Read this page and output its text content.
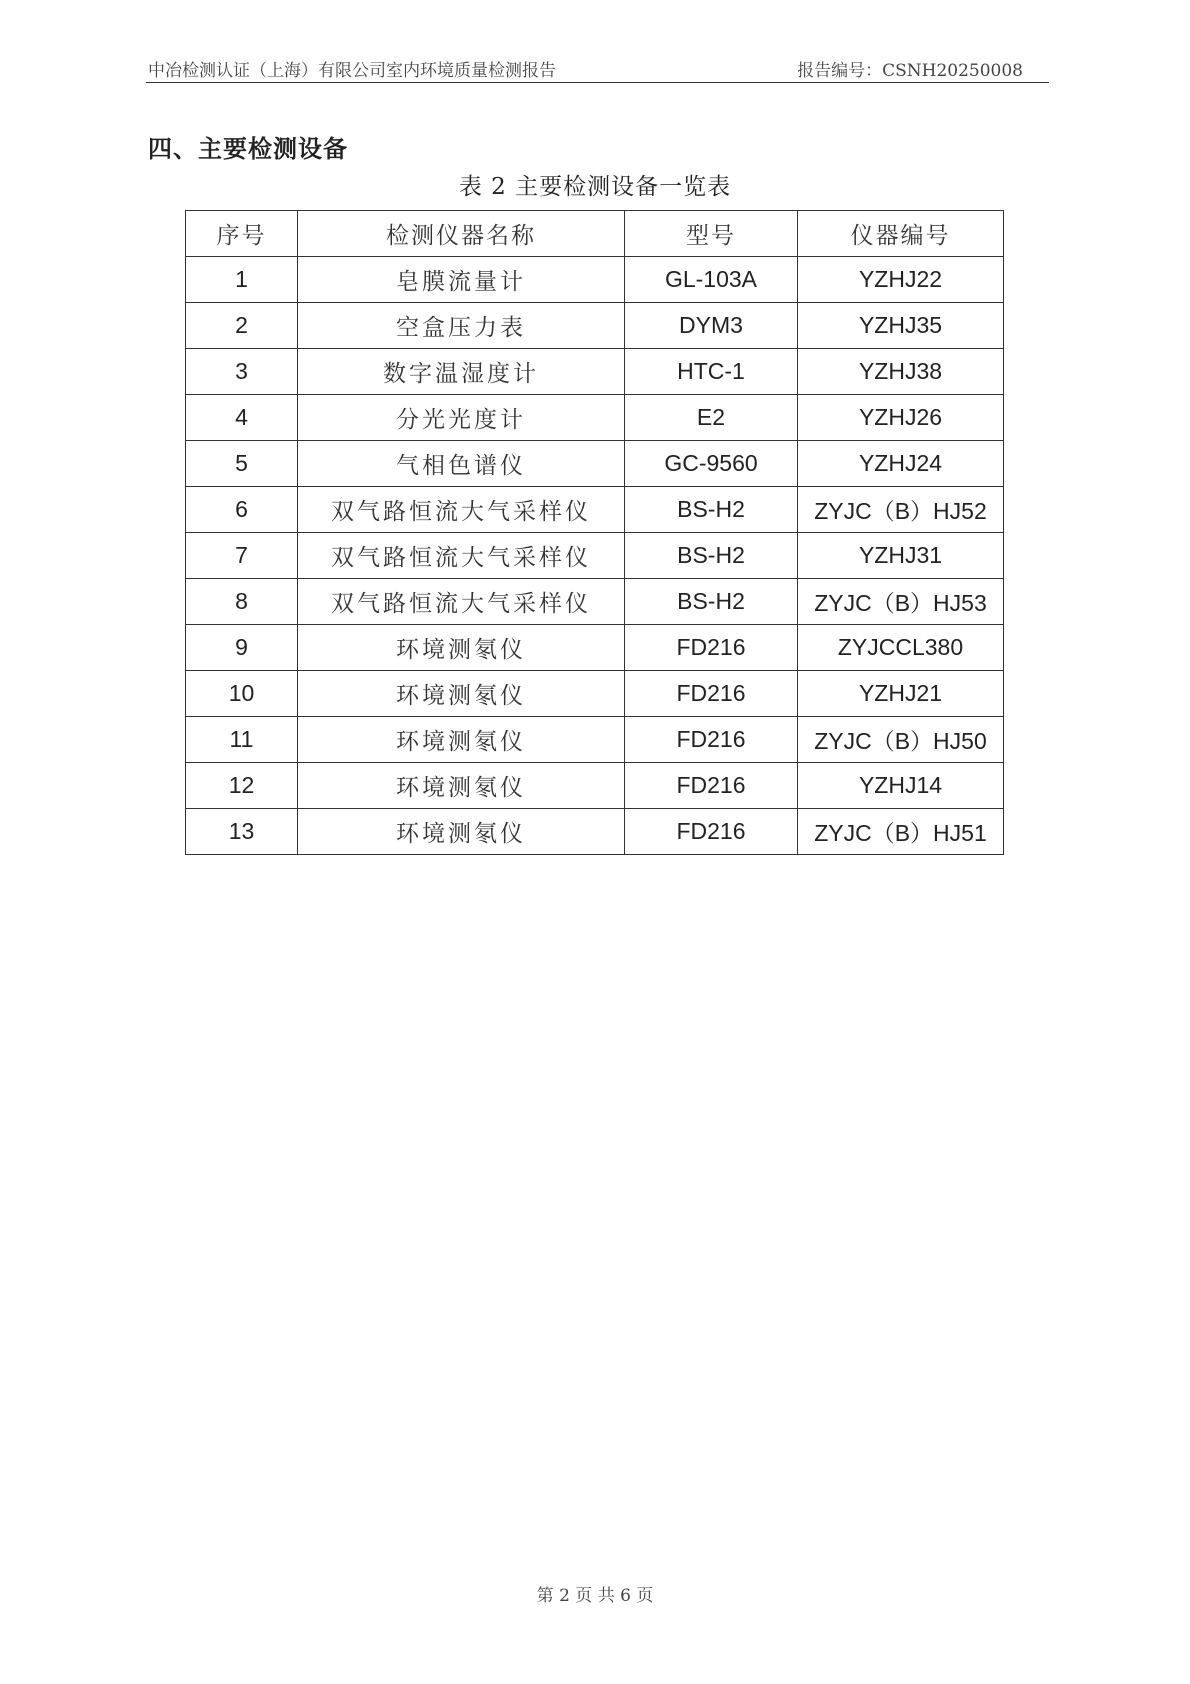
中冶检测认证（上海）有限公司室内环境质量检测报告	报告编号：CSNH20250008
四、主要检测设备
表 2 主要检测设备一览表
序号	检测仪器名称	型号	仪器编号
1	皂膜流量计	GL-103A	YZHJ22
2	空盒压力表	DYM3	YZHJ35
3	数字温湿度计	HTC-1	YZHJ38
4	分光光度计	E2	YZHJ26
5	气相色谱仪	GC-9560	YZHJ24
6	双气路恒流大气采样仪	BS-H2	ZYJC（B）HJ52
7	双气路恒流大气采样仪	BS-H2	YZHJ31
8	双气路恒流大气采样仪	BS-H2	ZYJC（B）HJ53
9	环境测氡仪	FD216	ZYJCCL380
10	环境测氡仪	FD216	YZHJ21
11	环境测氡仪	FD216	ZYJC（B）HJ50
12	环境测氡仪	FD216	YZHJ14
13	环境测氡仪	FD216	ZYJC（B）HJ51
第 2 页 共 6 页
